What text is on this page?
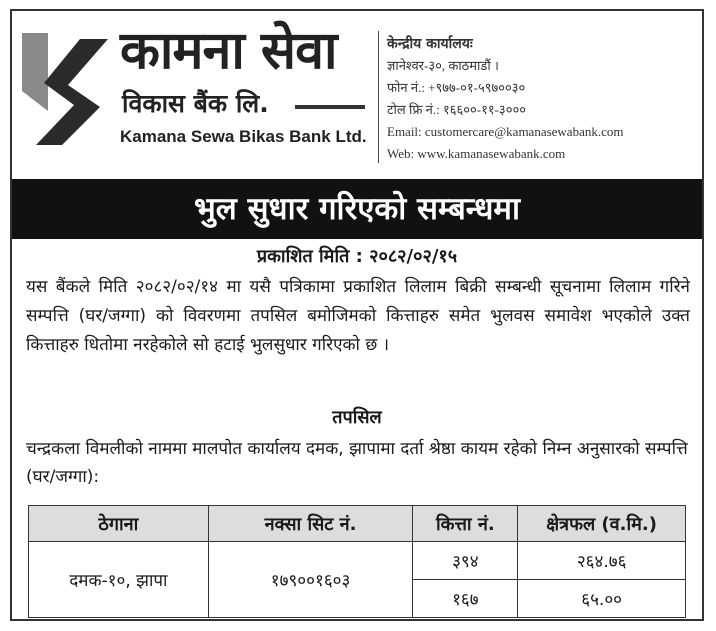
कामना सेवा
विकास बैंक लि.
Kamana Sewa Bikas Bank Ltd.
केन्द्रीय कार्यालयः
ज्ञानेश्वर-३०, काठमाडौं ।
फोन नं.: +९७७-०१-५९७००३०
टोल फ्रि नं.: १६६००-११-३०००
Email: customercare@kamanasewabank.com
Web: www.kamanasewabank.com
भुल सुधार गरिएको सम्बन्धमा
प्रकाशित मिति : २०८२/०२/१५
यस बैंकले मिति २०८२/०२/१४ मा यसै पत्रिकामा प्रकाशित लिलाम बिक्री सम्बन्धी सूचनामा लिलाम गरिने सम्पत्ति (घर/जग्गा) को विवरणमा तपसिल बमोजिमको कित्ताहरु समेत भुलवस समावेश भएकोले उक्त कित्ताहरु धितोमा नरहेकोले सो हटाई भुलसुधार गरिएको छ ।
तपसिल
चन्द्रकला विमलीको नाममा मालपोत कार्यालय दमक, झापामा दर्ता श्रेष्ठा कायम रहेको निम्न अनुसारको सम्पत्ति (घर/जग्गा):
ठेगाना	नक्सा सिट नं.	कित्ता नं.	क्षेत्रफल (व.मि.)
दमक-१०, झापा	१७९००१६०३	३९४	२६४.७६
		१६७	६५.००
